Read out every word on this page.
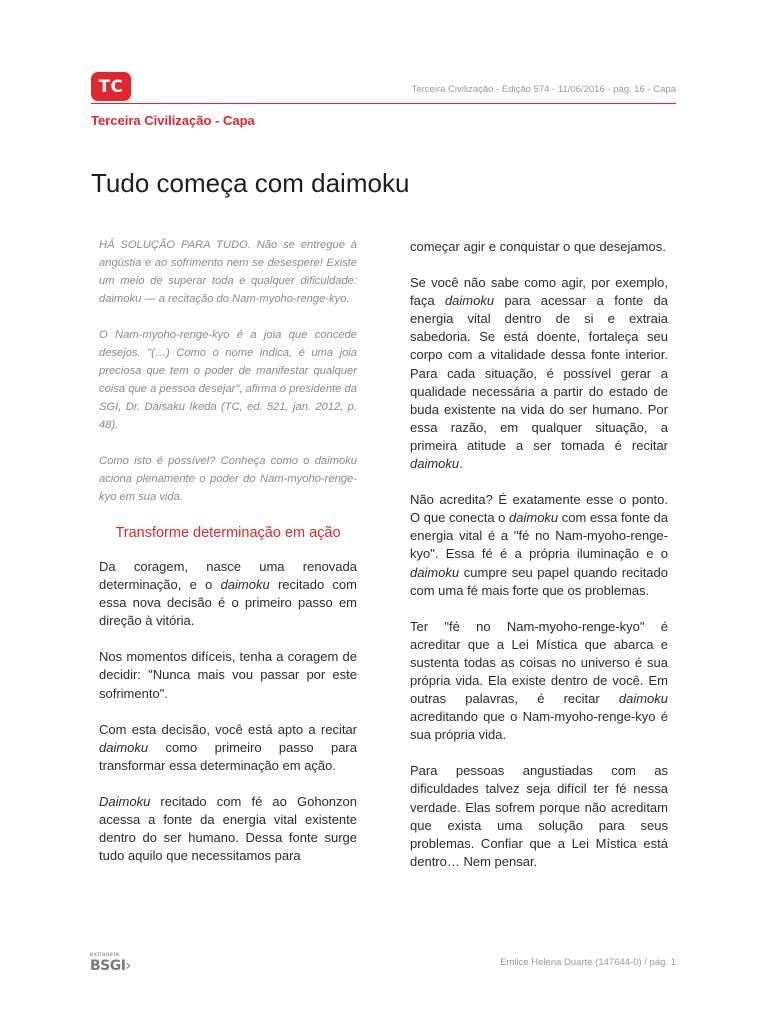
TC	Terceira Civilização - Edição 574 - 11/06/2016 - pág. 16 - Capa
Terceira Civilização - Capa
Tudo começa com daimoku

HÁ SOLUÇÃO PARA TUDO. Não se entregue à angústia e ao sofrimento nem se desespere! Existe um meio de superar toda e qualquer dificuldade: daimoku — a recitação do Nam-myoho-renge-kyo.

O Nam-myoho-renge-kyo é a joia que concede desejos. "(…) Como o nome indica, é uma joia preciosa que tem o poder de manifestar qualquer coisa que a pessoa desejar", afirma o presidente da SGI, Dr. Daisaku Ikeda (TC, ed. 521, jan. 2012, p. 48).

Como isto é possível? Conheça como o daimoku aciona plenamente o poder do Nam-myoho-renge-kyo em sua vida.

Transforme determinação em ação

Da coragem, nasce uma renovada determinação, e o daimoku recitado com essa nova decisão é o primeiro passo em direção à vitória.

Nos momentos difíceis, tenha a coragem de decidir: "Nunca mais vou passar por este sofrimento".

Com esta decisão, você está apto a recitar daimoku como primeiro passo para transformar essa determinação em ação.

Daimoku recitado com fé ao Gohonzon acessa a fonte da energia vital existente dentro do ser humano. Dessa fonte surge tudo aquilo que necessitamos para

começar agir e conquistar o que desejamos.

Se você não sabe como agir, por exemplo, faça daimoku para acessar a fonte da energia vital dentro de si e extraia sabedoria. Se está doente, fortaleça seu corpo com a vitalidade dessa fonte interior. Para cada situação, é possível gerar a qualidade necessária a partir do estado de buda existente na vida do ser humano. Por essa razão, em qualquer situação, a primeira atitude a ser tomada é recitar daimoku.

Não acredita? É exatamente esse o ponto. O que conecta o daimoku com essa fonte da energia vital é a "fé no Nam-myoho-renge-kyo". Essa fé é a própria iluminação e o daimoku cumpre seu papel quando recitado com uma fé mais forte que os problemas.

Ter "fé no Nam-myoho-renge-kyo" é acreditar que a Lei Mística que abarca e sustenta todas as coisas no universo é sua própria vida. Ela existe dentro de você. Em outras palavras, é recitar daimoku acreditando que o Nam-myoho-renge-kyo é sua própria vida.

Para pessoas angustiadas com as dificuldades talvez seja difícil ter fé nessa verdade. Elas sofrem porque não acreditam que exista uma solução para seus problemas. Confiar que a Lei Mística está dentro… Nem pensar.

extranete
BSGI›	Emilce Helena Duarte (147644-0) / pág. 1
